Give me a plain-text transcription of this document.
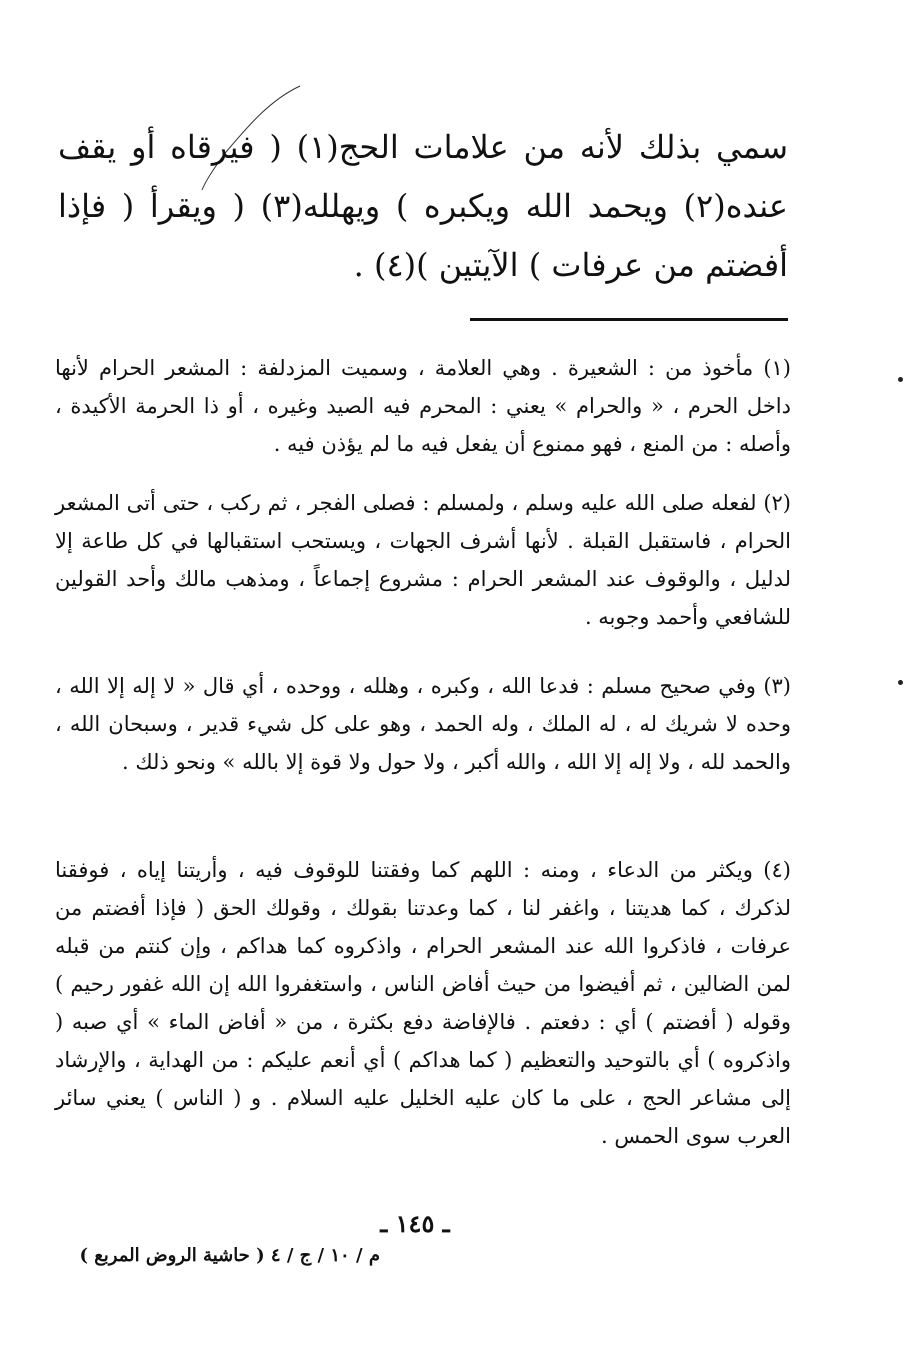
سمي بذلك لأنه من علامات الحج(١) ( فيرقاه أو يقف عنده(٢) ويحمد الله ويكبره ) ويهلله(٣) ( ويقرأ ( فإذا أفضتم من عرفات ) الآيتين )(٤) .
(١) مأخوذ من : الشعيرة . وهي العلامة ، وسميت المزدلفة : المشعر الحرام لأنها داخل الحرم ، « والحرام » يعني : المحرم فيه الصيد وغيره ، أو ذا الحرمة الأكيدة ، وأصله : من المنع ، فهو ممنوع أن يفعل فيه ما لم يؤذن فيه .
(٢) لفعله صلى الله عليه وسلم ، ولمسلم : فصلى الفجر ، ثم ركب ، حتى أتى المشعر الحرام ، فاستقبل القبلة . لأنها أشرف الجهات ، ويستحب استقبالها في كل طاعة إلا لدليل ، والوقوف عند المشعر الحرام : مشروع إجماعاً ، ومذهب مالك وأحد القولين للشافعي وأحمد وجوبه .
(٣) وفي صحيح مسلم : فدعا الله ، وكبره ، وهلله ، ووحده ، أي قال « لا إله إلا الله ، وحده لا شريك له ، له الملك ، وله الحمد ، وهو على كل شيء قدير ، وسبحان الله ، والحمد لله ، ولا إله إلا الله ، والله أكبر ، ولا حول ولا قوة إلا بالله » ونحو ذلك .
(٤) ويكثر من الدعاء ، ومنه : اللهم كما وفقتنا للوقوف فيه ، وأريتنا إياه ، فوفقنا لذكرك ، كما هديتنا ، واغفر لنا ، كما وعدتنا بقولك ، وقولك الحق ( فإذا أفضتم من عرفات ، فاذكروا الله عند المشعر الحرام ، واذكروه كما هداكم ، وإن كنتم من قبله لمن الضالين ، ثم أفيضوا من حيث أفاض الناس ، واستغفروا الله إن الله غفور رحيم ) وقوله ( أفضتم ) أي : دفعتم . فالإفاضة دفع بكثرة ، من « أفاض الماء » أي صبه ( واذكروه ) أي بالتوحيد والتعظيم ( كما هداكم ) أي أنعم عليكم : من الهداية ، والإرشاد إلى مشاعر الحج ، على ما كان عليه الخليل عليه السلام . و ( الناس ) يعني سائر العرب سوى الحمس .
ـ ١٤٥ ـ
م / ١٠ / ج / ٤ ( حاشية الروض المربع )
